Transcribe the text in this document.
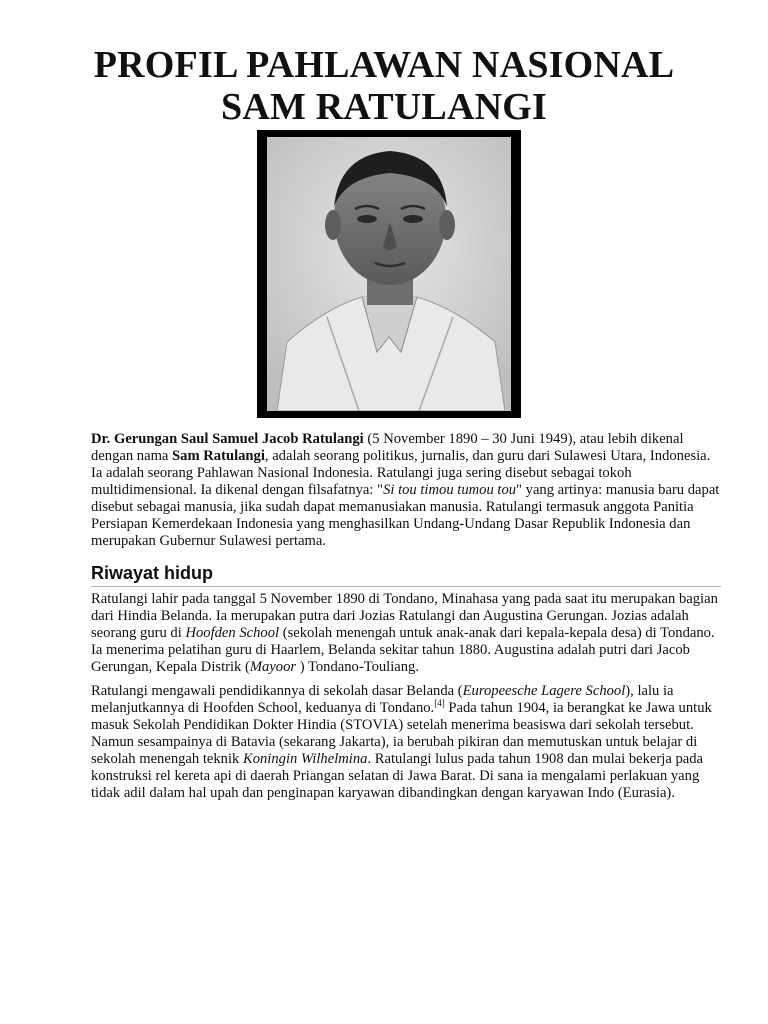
PROFIL PAHLAWAN NASIONAL
SAM RATULANGI

Dr. Gerungan Saul Samuel Jacob Ratulangi (5 November 1890 – 30 Juni 1949), atau lebih dikenal dengan nama Sam Ratulangi, adalah seorang politikus, jurnalis, dan guru dari Sulawesi Utara, Indonesia. Ia adalah seorang Pahlawan Nasional Indonesia. Ratulangi juga sering disebut sebagai tokoh multidimensional. Ia dikenal dengan filsafatnya: "Si tou timou tumou tou" yang artinya: manusia baru dapat disebut sebagai manusia, jika sudah dapat memanusiakan manusia. Ratulangi termasuk anggota Panitia Persiapan Kemerdekaan Indonesia yang menghasilkan Undang-Undang Dasar Republik Indonesia dan merupakan Gubernur Sulawesi pertama.

Riwayat hidup

Ratulangi lahir pada tanggal 5 November 1890 di Tondano, Minahasa yang pada saat itu merupakan bagian dari Hindia Belanda. Ia merupakan putra dari Jozias Ratulangi dan Augustina Gerungan. Jozias adalah seorang guru di Hoofden School (sekolah menengah untuk anak-anak dari kepala-kepala desa) di Tondano. Ia menerima pelatihan guru di Haarlem, Belanda sekitar tahun 1880. Augustina adalah putri dari Jacob Gerungan, Kepala Distrik (Mayoor ) Tondano-Touliang.

Ratulangi mengawali pendidikannya di sekolah dasar Belanda (Europeesche Lagere School), lalu ia melanjutkannya di Hoofden School, keduanya di Tondano.[4] Pada tahun 1904, ia berangkat ke Jawa untuk masuk Sekolah Pendidikan Dokter Hindia (STOVIA) setelah menerima beasiswa dari sekolah tersebut. Namun sesampainya di Batavia (sekarang Jakarta), ia berubah pikiran dan memutuskan untuk belajar di sekolah menengah teknik Koningin Wilhelmina. Ratulangi lulus pada tahun 1908 dan mulai bekerja pada konstruksi rel kereta api di daerah Priangan selatan di Jawa Barat. Di sana ia mengalami perlakuan yang tidak adil dalam hal upah dan penginapan karyawan dibandingkan dengan karyawan Indo (Eurasia).
